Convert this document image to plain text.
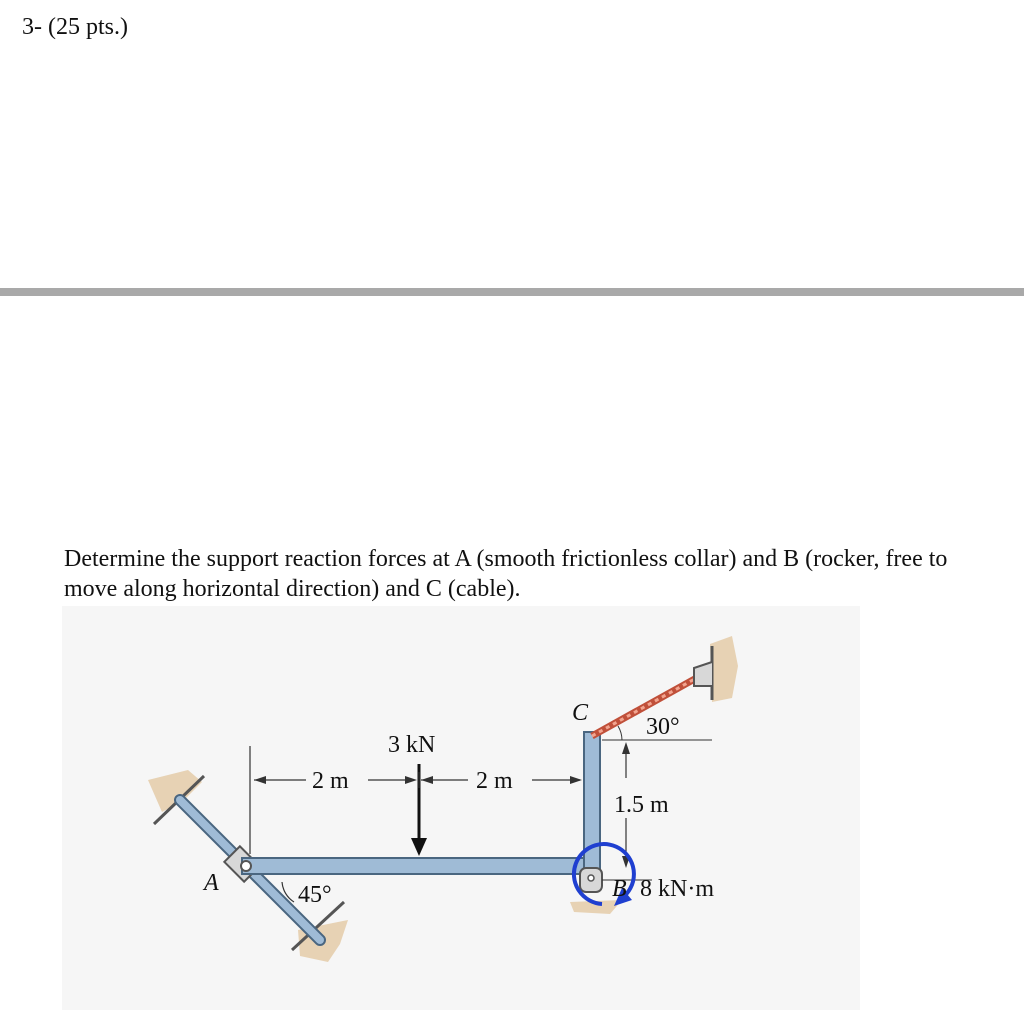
3- (25 pts.)
Determine the support reaction forces at A (smooth frictionless collar) and B (rocker, free to move along horizontal direction) and C (cable).
A	B
C
3 kN
2 m	2 m
1.5 m
45°
30°
8 kN·m
